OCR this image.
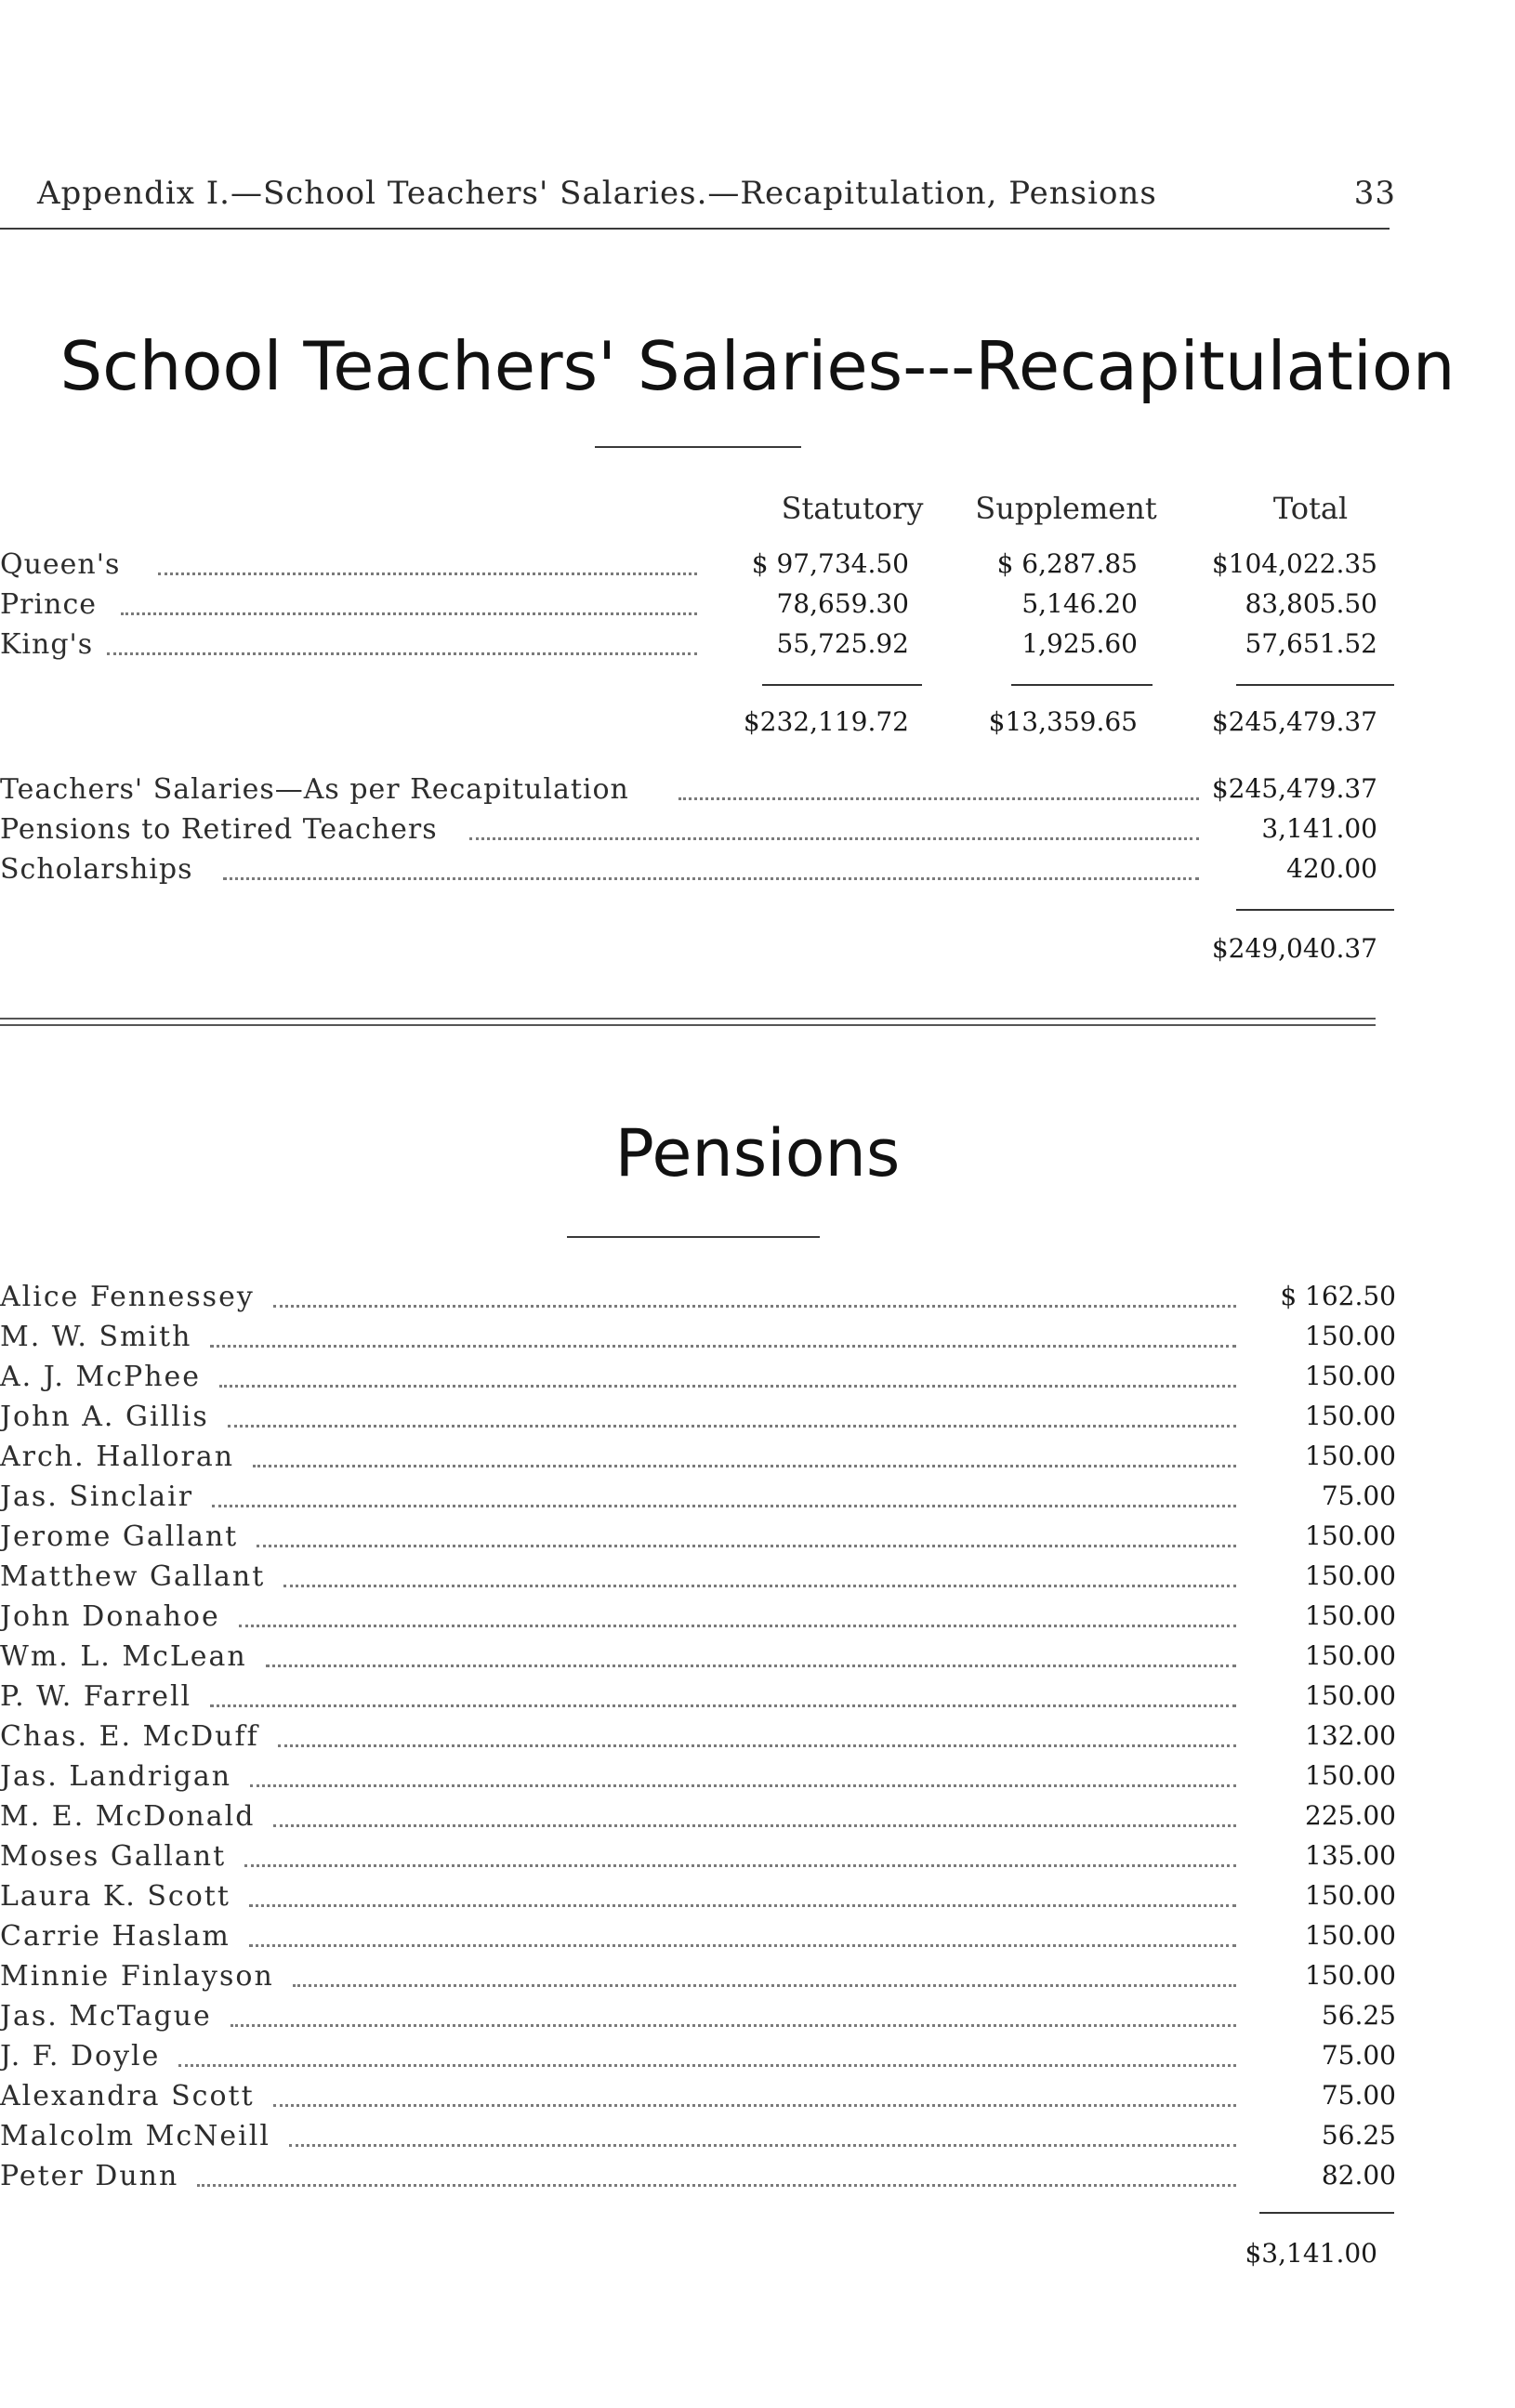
Appendix I.—School Teachers' Salaries.—Recapitulation, Pensions	33
School Teachers' Salaries---Recapitulation
Statutory	Supplement	Total
Queen's	$ 97,734.50	$ 6,287.85	$104,022.35
Prince	78,659.30	5,146.20	83,805.50
King's	55,725.92	1,925.60	57,651.52
$232,119.72	$13,359.65	$245,479.37
Teachers' Salaries—As per Recapitulation	$245,479.37
Pensions to Retired Teachers	3,141.00
Scholarships	420.00
$249,040.37
Pensions
Alice Fennessey	$ 162.50
M. W. Smith	150.00
A. J. McPhee	150.00
John A. Gillis	150.00
Arch. Halloran	150.00
Jas. Sinclair	75.00
Jerome Gallant	150.00
Matthew Gallant	150.00
John Donahoe	150.00
Wm. L. McLean	150.00
P. W. Farrell	150.00
Chas. E. McDuff	132.00
Jas. Landrigan	150.00
M. E. McDonald	225.00
Moses Gallant	135.00
Laura K. Scott	150.00
Carrie Haslam	150.00
Minnie Finlayson	150.00
Jas. McTague	56.25
J. F. Doyle	75.00
Alexandra Scott	75.00
Malcolm McNeill	56.25
Peter Dunn	82.00
$3,141.00
